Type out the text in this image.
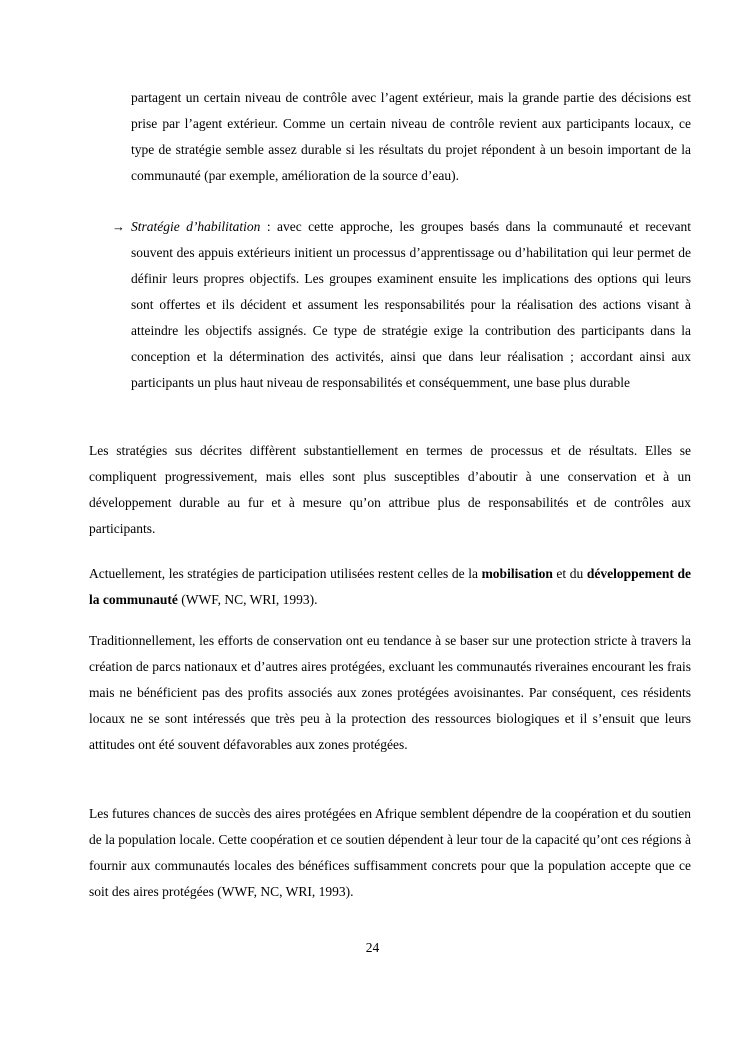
partagent un certain niveau de contrôle avec l’agent extérieur, mais la grande partie des décisions est prise par l’agent extérieur. Comme un certain niveau de contrôle revient aux participants locaux, ce type de stratégie semble assez durable si les résultats du projet répondent à un besoin important de la communauté (par exemple, amélioration de la source d’eau).

→ Stratégie d’habilitation : avec cette approche, les groupes basés dans la communauté et recevant souvent des appuis extérieurs initient un processus d’apprentissage ou d’habilitation qui leur permet de définir leurs propres objectifs. Les groupes examinent ensuite les implications des options qui leurs sont offertes et ils décident et assument les responsabilités pour la réalisation des actions visant à atteindre les objectifs assignés. Ce type de stratégie exige la contribution des participants dans la conception et la détermination des activités, ainsi que dans leur réalisation ; accordant ainsi aux participants un plus haut niveau de responsabilités et conséquemment, une base plus durable

Les stratégies sus décrites diffèrent substantiellement en termes de processus et de résultats. Elles se compliquent progressivement, mais elles sont plus susceptibles d’aboutir à une conservation et à un développement durable au fur et à mesure qu’on attribue plus de responsabilités et de contrôles aux participants.

Actuellement, les stratégies de participation utilisées restent celles de la mobilisation et du développement de la communauté (WWF, NC, WRI, 1993).

Traditionnellement, les efforts de conservation ont eu tendance à se baser sur une protection stricte à travers la création de parcs nationaux et d’autres aires protégées, excluant les communautés riveraines encourant les frais mais ne bénéficient pas des profits associés aux zones protégées avoisinantes. Par conséquent, ces résidents locaux ne se sont intéressés que très peu à la protection des ressources biologiques et il s’ensuit que leurs attitudes ont été souvent défavorables aux zones protégées.

Les futures chances de succès des aires protégées en Afrique semblent dépendre de la coopération et du soutien de la population locale. Cette coopération et ce soutien dépendent à leur tour de la capacité qu’ont ces régions à fournir aux communautés locales des bénéfices suffisamment concrets pour que la population accepte que ce soit des aires protégées (WWF, NC, WRI, 1993).

24
